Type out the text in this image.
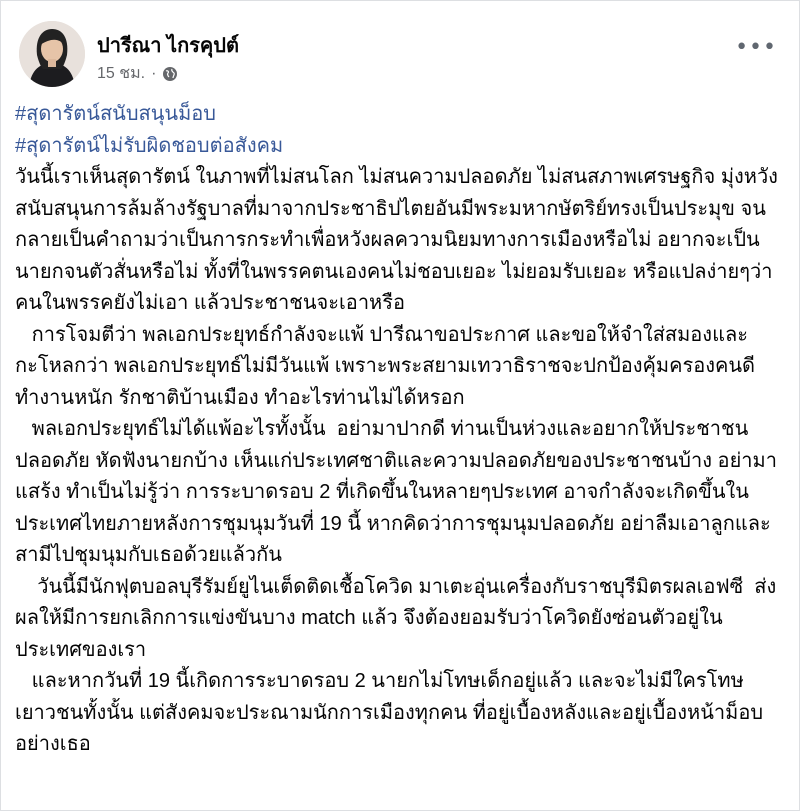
ปารีณา ไกรคุปต์
15 ชม. ·
•••
#สุดารัตน์สนับสนุนม็อบ
#สุดารัตน์ไม่รับผิดชอบต่อสังคม
วันนี้เราเห็นสุดารัตน์ ในภาพที่ไม่สนโลก ไม่สนความปลอดภัย ไม่สนสภาพเศรษฐกิจ มุ่งหวังสนับสนุนการล้มล้างรัฐบาลที่มาจากประชาธิปไตยอันมีพระมหากษัตริย์ทรงเป็นประมุข จนกลายเป็นคำถามว่าเป็นการกระทำเพื่อหวังผลความนิยมทางการเมืองหรือไม่ อยากจะเป็นนายกจนตัวสั่นหรือไม่ ทั้งที่ในพรรคตนเองคนไม่ชอบเยอะ ไม่ยอมรับเยอะ หรือแปลง่ายๆว่า คนในพรรคยังไม่เอา แล้วประชาชนจะเอาหรือ
การโจมตีว่า พลเอกประยุทธ์กำลังจะแพ้ ปารีณาขอประกาศ และขอให้จำใส่สมองและกะโหลกว่า พลเอกประยุทธ์ไม่มีวันแพ้ เพราะพระสยามเทวาธิราชจะปกป้องคุ้มครองคนดี ทำงานหนัก รักชาติบ้านเมือง ทำอะไรท่านไม่ได้หรอก
พลเอกประยุทธ์ไม่ได้แพ้อะไรทั้งนั้น  อย่ามาปากดี ท่านเป็นห่วงและอยากให้ประชาชนปลอดภัย หัดฟังนายกบ้าง เห็นแก่ประเทศชาติและความปลอดภัยของประชาชนบ้าง อย่ามาแสร้ง ทำเป็นไม่รู้ว่า การระบาดรอบ 2 ที่เกิดขึ้นในหลายๆประเทศ อาจกำลังจะเกิดขึ้นในประเทศไทยภายหลังการชุมนุมวันที่ 19 นี้ หากคิดว่าการชุมนุมปลอดภัย อย่าลืมเอาลูกและสามีไปชุมนุมกับเธอด้วยแล้วกัน
วันนี้มีนักฟุตบอลบุรีรัมย์ยูไนเต็ดติดเชื้อโควิด มาเตะอุ่นเครื่องกับราชบุรีมิตรผลเอฟซี  ส่งผลให้มีการยกเลิกการแข่งขันบาง match แล้ว จึงต้องยอมรับว่าโควิดยังซ่อนตัวอยู่ในประเทศของเรา
และหากวันที่ 19 นี้เกิดการระบาดรอบ 2 นายกไม่โทษเด็กอยู่แล้ว และจะไม่มีใครโทษเยาวชนทั้งนั้น แต่สังคมจะประณามนักการเมืองทุกคน ที่อยู่เบื้องหลังและอยู่เบื้องหน้าม็อบอย่างเธอ
